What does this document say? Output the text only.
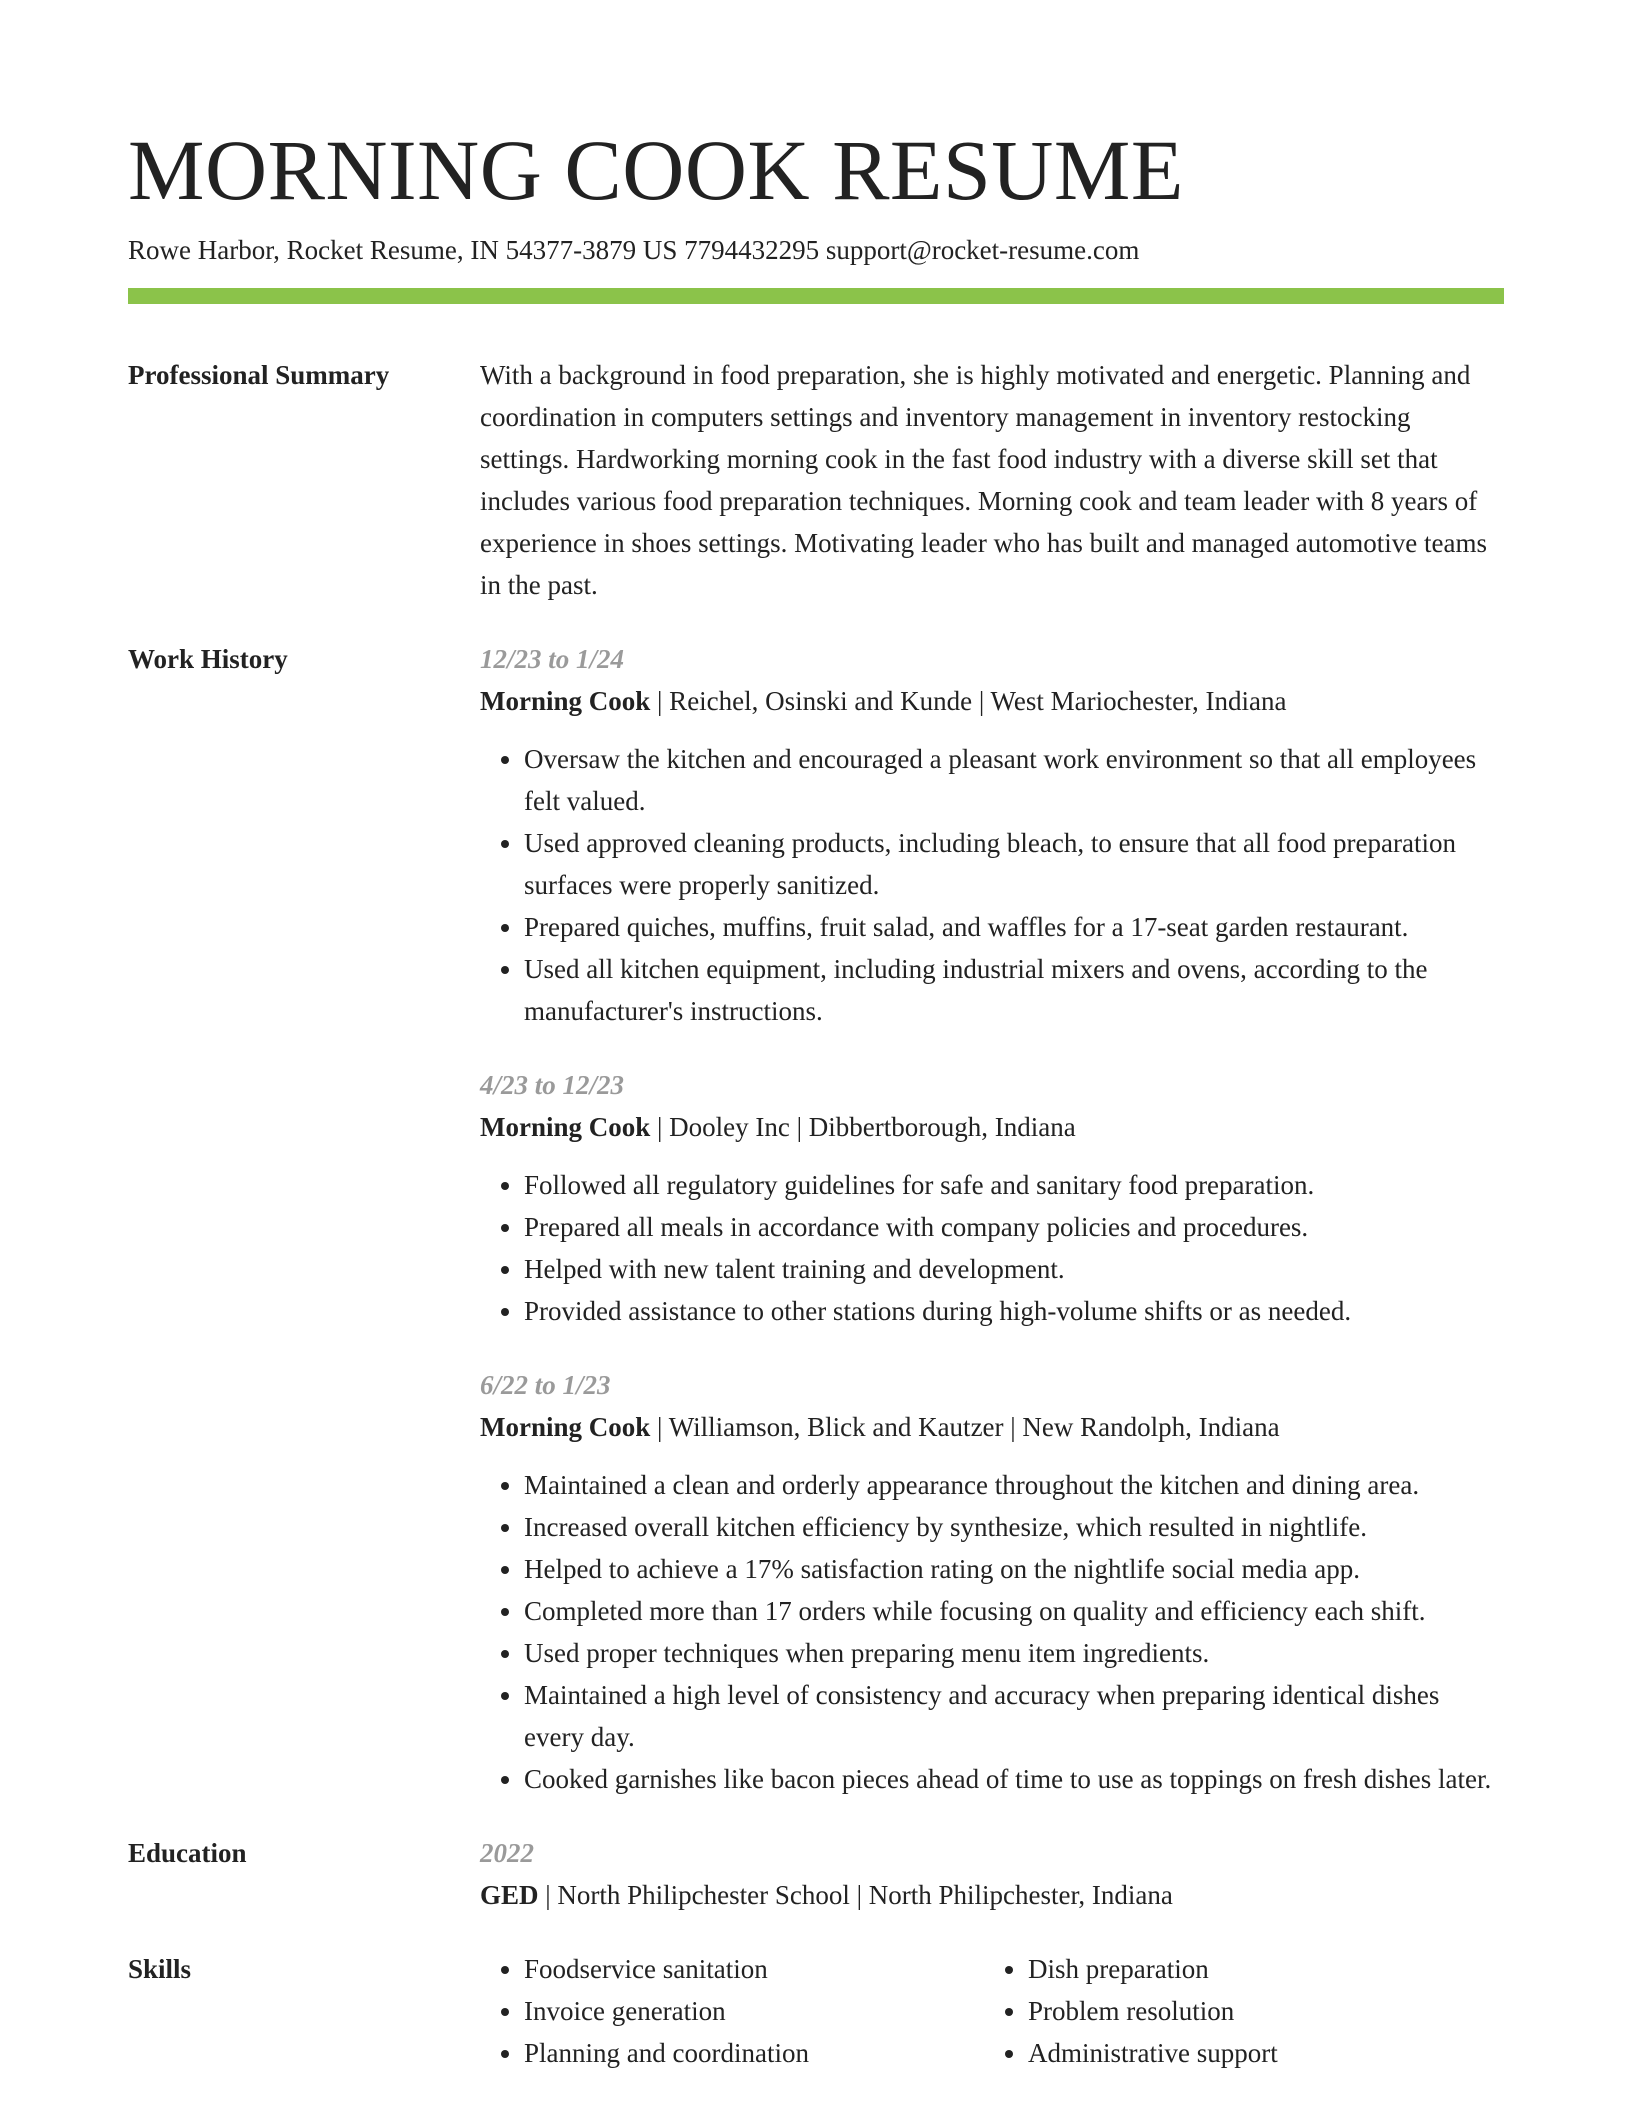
MORNING COOK RESUME
Rowe Harbor, Rocket Resume, IN 54377-3879 US 7794432295 support@rocket-resume.com
Professional Summary	With a background in food preparation, she is highly motivated and energetic. Planning and coordination in computers settings and inventory management in inventory restocking settings. Hardworking morning cook in the fast food industry with a diverse skill set that includes various food preparation techniques. Morning cook and team leader with 8 years of experience in shoes settings. Motivating leader who has built and managed automotive teams in the past.
Work History	12/23 to 1/24
Morning Cook | Reichel, Osinski and Kunde | West Mariochester, Indiana
• Oversaw the kitchen and encouraged a pleasant work environment so that all employees felt valued.
• Used approved cleaning products, including bleach, to ensure that all food preparation surfaces were properly sanitized.
• Prepared quiches, muffins, fruit salad, and waffles for a 17-seat garden restaurant.
• Used all kitchen equipment, including industrial mixers and ovens, according to the manufacturer's instructions.
4/23 to 12/23
Morning Cook | Dooley Inc | Dibbertborough, Indiana
• Followed all regulatory guidelines for safe and sanitary food preparation.
• Prepared all meals in accordance with company policies and procedures.
• Helped with new talent training and development.
• Provided assistance to other stations during high-volume shifts or as needed.
6/22 to 1/23
Morning Cook | Williamson, Blick and Kautzer | New Randolph, Indiana
• Maintained a clean and orderly appearance throughout the kitchen and dining area.
• Increased overall kitchen efficiency by synthesize, which resulted in nightlife.
• Helped to achieve a 17% satisfaction rating on the nightlife social media app.
• Completed more than 17 orders while focusing on quality and efficiency each shift.
• Used proper techniques when preparing menu item ingredients.
• Maintained a high level of consistency and accuracy when preparing identical dishes every day.
• Cooked garnishes like bacon pieces ahead of time to use as toppings on fresh dishes later.
Education	2022
GED | North Philipchester School | North Philipchester, Indiana
Skills
•	Foodservice sanitation
• Invoice generation
• Planning and coordination
• Dish preparation
• Problem resolution
• Administrative support
